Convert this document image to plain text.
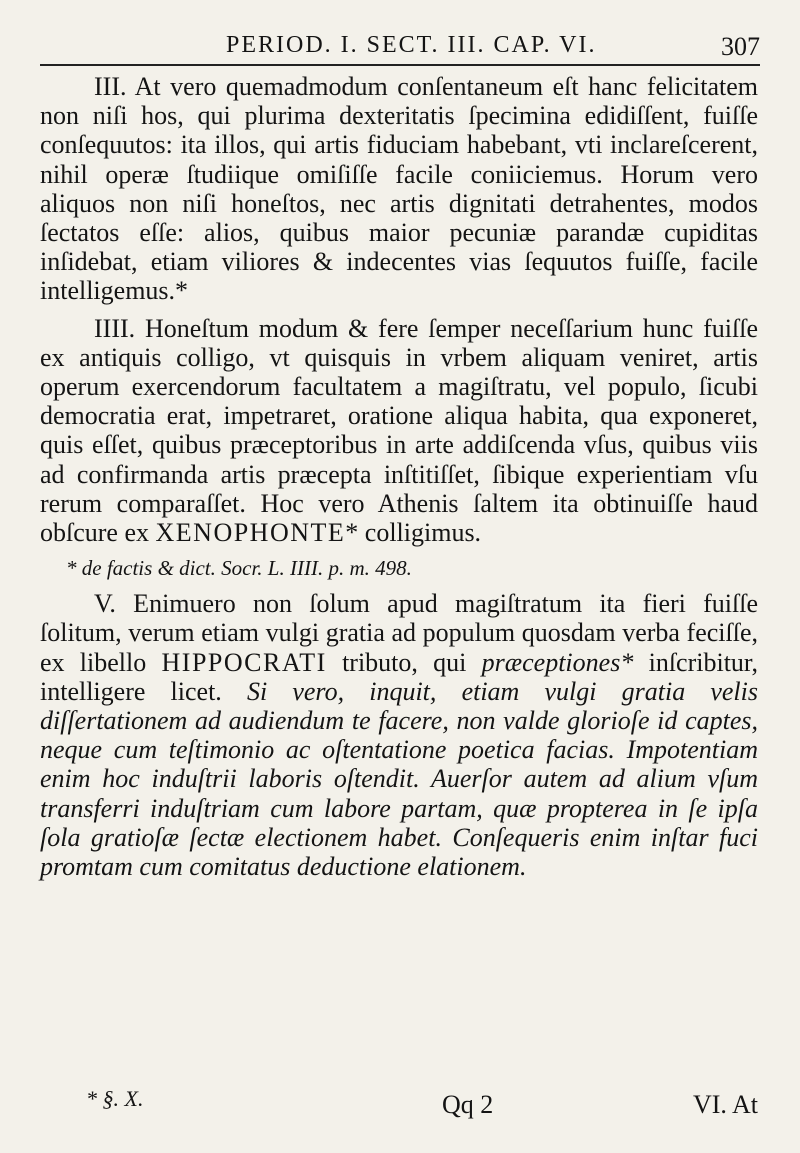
PERIOD. I. SECT. III. CAP. VI.	307

III. At vero quemadmodum conſentaneum eſt hanc felicitatem non niſi hos, qui plurima dexteritatis ſpecimina edidiſſent, fuiſſe conſequutos: ita illos, qui artis fiduciam habebant, vti inclareſcerent, nihil operæ ſtudiique omiſiſſe facile coniiciemus. Horum vero aliquos non niſi honeſtos, nec artis dignitati detrahentes, modos ſectatos eſſe: alios, quibus maior pecuniæ parandæ cupiditas inſidebat, etiam viliores & indecentes vias ſequutos fuiſſe, facile intelligemus.*

IIII. Honeſtum modum & fere ſemper neceſſarium hunc fuiſſe ex antiquis colligo, vt quisquis in vrbem aliquam veniret, artis operum exercendorum facultatem a magiſtratu, vel populo, ſicubi democratia erat, impetraret, oratione aliqua habita, qua exponeret, quis eſſet, quibus præceptoribus in arte addiſcenda vſus, quibus viis ad confirmanda artis præcepta inſtitiſſet, ſibique experientiam vſu rerum comparaſſet. Hoc vero Athenis ſaltem ita obtinuiſſe haud obſcure ex XENOPHONTE* colligimus.

* de factis & dict. Socr. L. IIII. p. m. 498.

V. Enimuero non ſolum apud magiſtratum ita fieri fuiſſe ſolitum, verum etiam vulgi gratia ad populum quosdam verba feciſſe, ex libello HIPPOCRATI tributo, qui præceptiones* inſcribitur, intelligere licet. Si vero, inquit, etiam vulgi gratia velis diſſertationem ad audiendum te facere, non valde glorioſe id captes, neque cum teſtimonio ac oſtentatione poetica facias. Impotentiam enim hoc induſtrii laboris oſtendit. Auerſor autem ad alium vſum transferri induſtriam cum labore partam, quæ propterea in ſe ipſa ſola gratioſæ ſectæ electionem habet. Conſequeris enim inſtar fuci promtam cum comitatus deductione elationem.

* §. X.	Qq 2	VI. At
